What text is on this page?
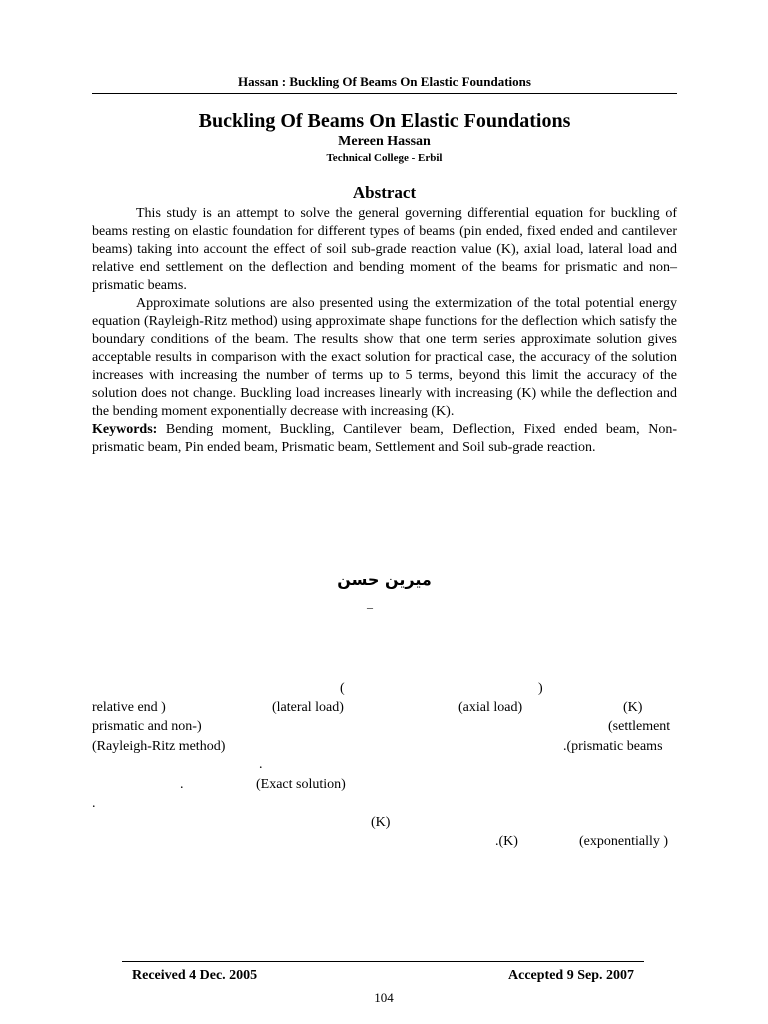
Hassan : Buckling Of Beams On Elastic Foundations
Buckling Of Beams On Elastic Foundations
Mereen Hassan
Technical College - Erbil
Abstract

This study is an attempt to solve the general governing differential equation for buckling of beams resting on elastic foundation for different types of beams (pin ended, fixed ended and cantilever beams) taking into account the effect of soil sub-grade reaction value (K), axial load, lateral load and relative end settlement on the deflection and bending moment of the beams for prismatic and non–prismatic beams.

Approximate solutions are also presented using the extermization of the total potential energy equation (Rayleigh-Ritz method) using approximate shape functions for the deflection which satisfy the boundary conditions of the beam. The results show that one term series approximate solution gives acceptable results in comparison with the exact solution for practical case, the accuracy of the solution increases with increasing the number of terms up to 5 terms, beyond this limit the accuracy of the solution does not change. Buckling load increases linearly with increasing (K) while the deflection and the bending moment exponentially decrease with increasing (K).

Keywords: Bending moment, Buckling, Cantilever beam, Deflection, Fixed ended beam, Non-prismatic beam, Pin ended beam, Prismatic beam, Settlement and Soil sub-grade reaction.

ميرين حسن
–
(	)
relative end )	(lateral load)	(axial load)	(K)
prismatic and non-)	(settlement
(Rayleigh-Ritz method)	.(prismatic beams
.
.	(Exact solution)
.
(K)
.(K)	(exponentially )
Received 4 Dec. 2005	Accepted 9 Sep. 2007
104
